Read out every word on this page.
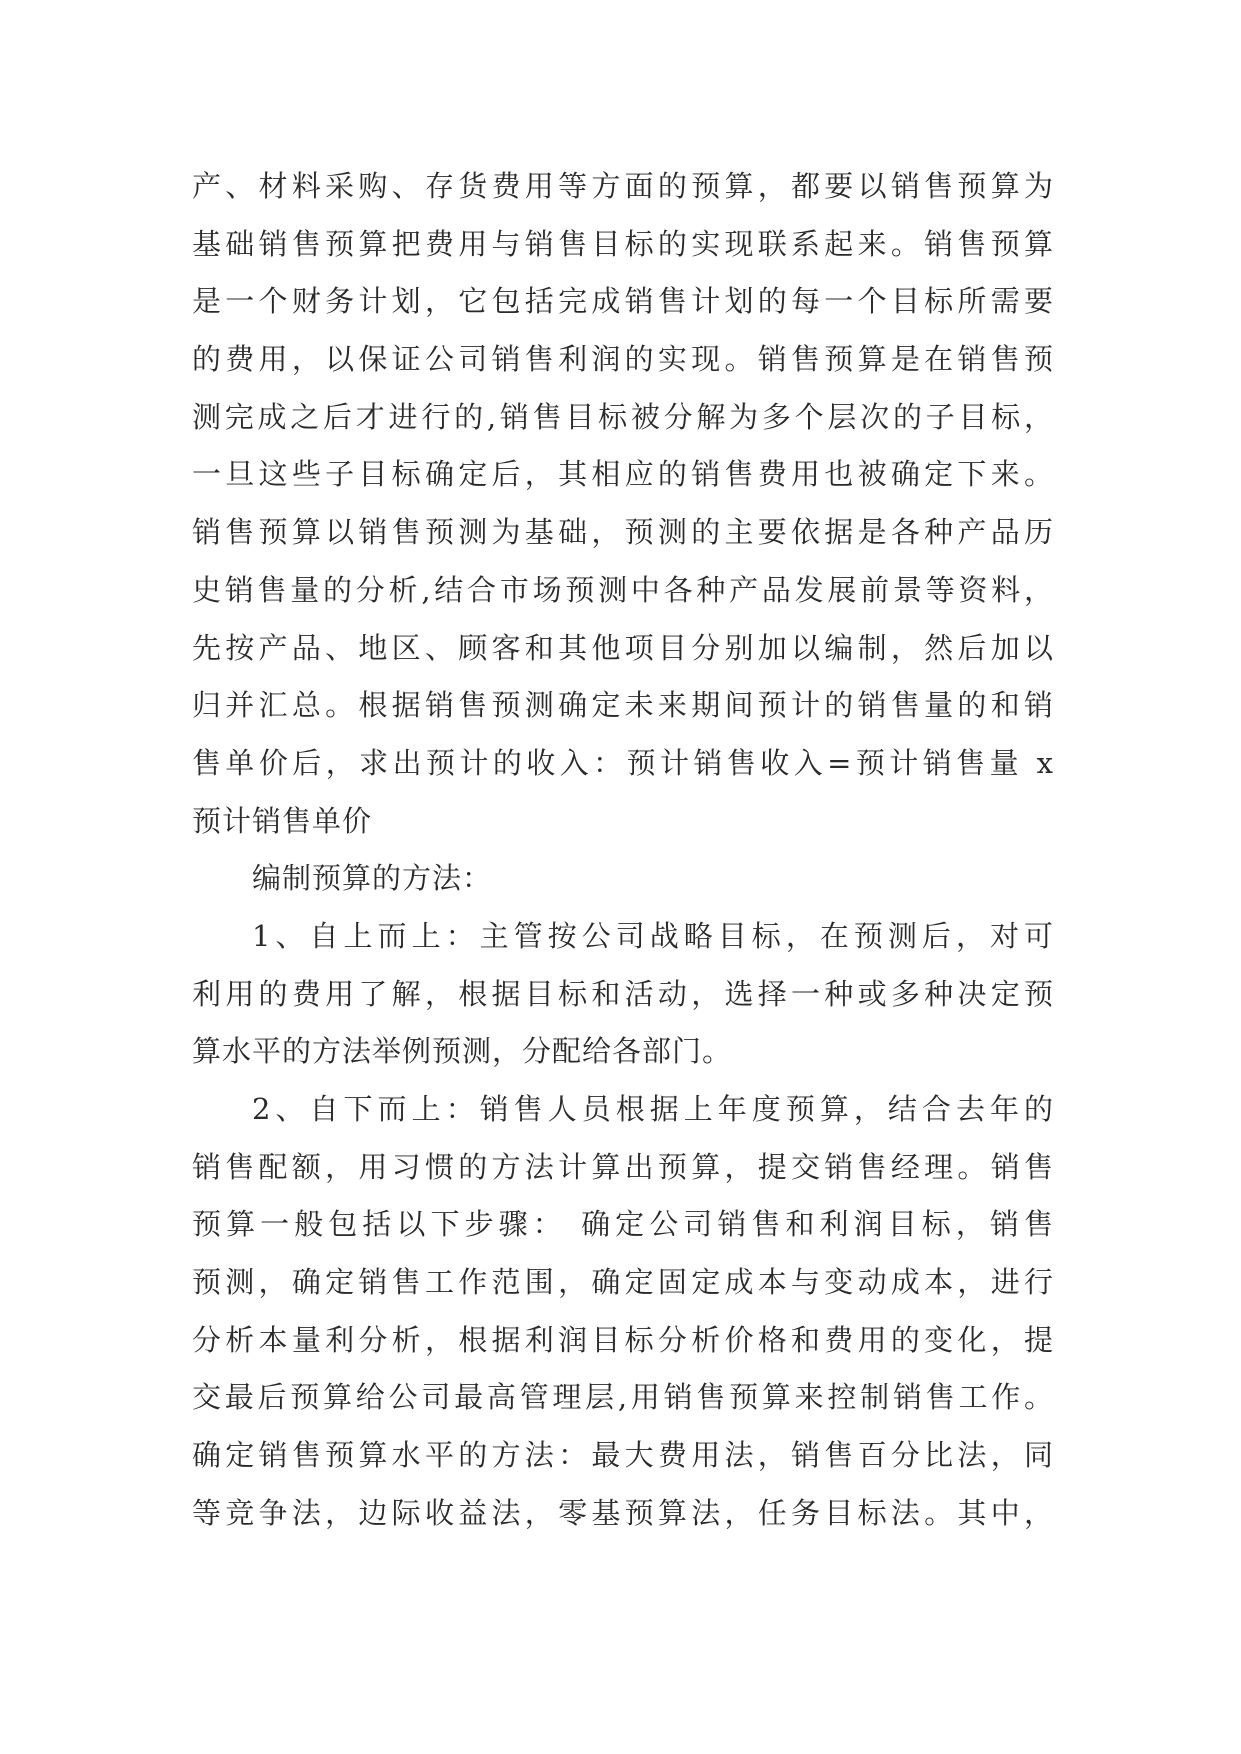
产、材料采购、存货费用等方面的预算，都要以销售预算为
基础销售预算把费用与销售目标的实现联系起来。销售预算
是一个财务计划，它包括完成销售计划的每一个目标所需要
的费用，以保证公司销售利润的实现。销售预算是在销售预
测完成之后才进行的,销售目标被分解为多个层次的子目标，
一旦这些子目标确定后，其相应的销售费用也被确定下来。
销售预算以销售预测为基础，预测的主要依据是各种产品历
史销售量的分析,结合市场预测中各种产品发展前景等资料，
先按产品、地区、顾客和其他项目分别加以编制，然后加以
归并汇总。根据销售预测确定未来期间预计的销售量的和销
售单价后，求出预计的收入：预计销售收入=预计销售量 x
预计销售单价
编制预算的方法：
1、自上而上：主管按公司战略目标，在预测后，对可
利用的费用了解，根据目标和活动，选择一种或多种决定预
算水平的方法举例预测，分配给各部门。
2、自下而上：销售人员根据上年度预算，结合去年的
销售配额，用习惯的方法计算出预算，提交销售经理。销售
预算一般包括以下步骤： 确定公司销售和利润目标，销售
预测，确定销售工作范围，确定固定成本与变动成本，进行
分析本量利分析，根据利润目标分析价格和费用的变化，提
交最后预算给公司最高管理层,用销售预算来控制销售工作。
确定销售预算水平的方法：最大费用法，销售百分比法，同
等竞争法，边际收益法，零基预算法，任务目标法。其中，
